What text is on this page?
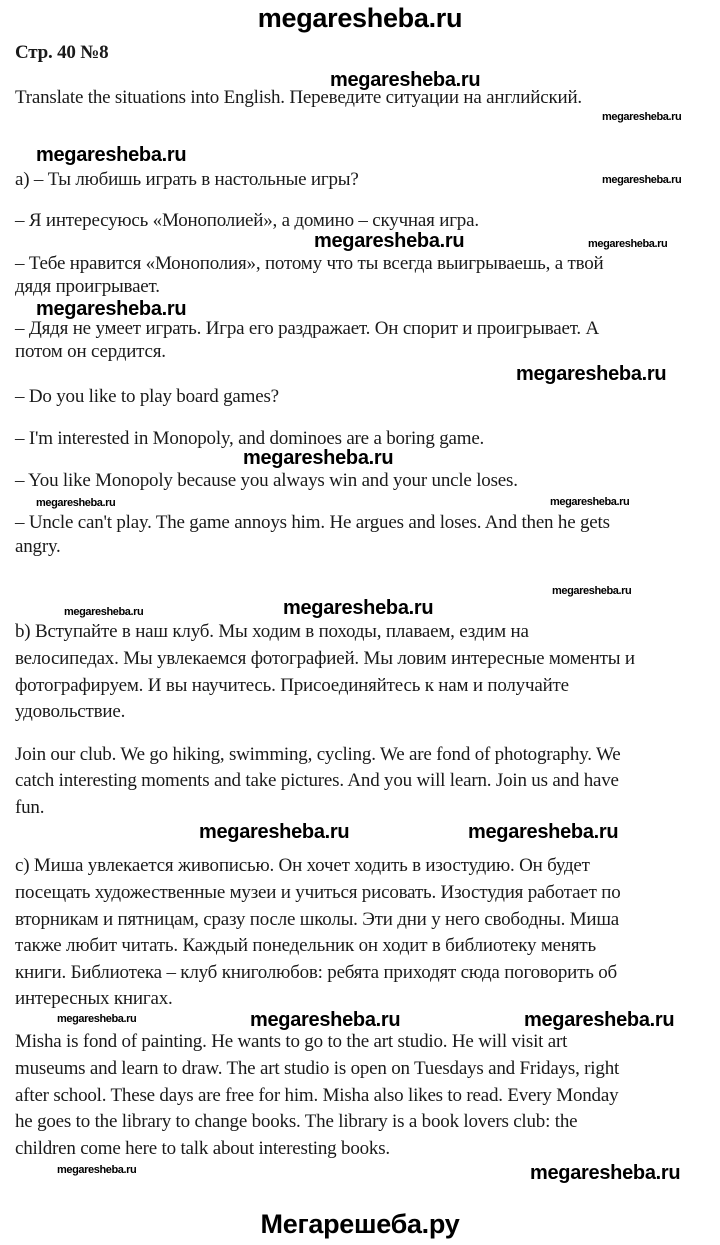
megaresheba.ru
Стр. 40 №8
Translate the situations into English. Переведите ситуации на английский.
а) – Ты любишь играть в настольные игры?
– Я интересуюсь «Монополией», а домино – скучная игра.
– Тебе нравится «Монополия», потому что ты всегда выигрываешь, а твой
дядя проигрывает.
– Дядя не умеет играть. Игра его раздражает. Он спорит и проигрывает. А
потом он сердится.
– Do you like to play board games?
– I'm interested in Monopoly, and dominoes are a boring game.
– You like Monopoly because you always win and your uncle loses.
– Uncle can't play. The game annoys him. He argues and loses. And then he gets
angry.
b) Вступайте в наш клуб. Мы ходим в походы, плаваем, ездим на
велосипедах. Мы увлекаемся фотографией. Мы ловим интересные моменты и
фотографируем. И вы научитесь. Присоединяйтесь к нам и получайте
удовольствие.
Join our club. We go hiking, swimming, cycling. We are fond of photography. We
catch interesting moments and take pictures. And you will learn. Join us and have
fun.
c) Миша увлекается живописью. Он хочет ходить в изостудию. Он будет
посещать художественные музеи и учиться рисовать. Изостудия работает по
вторникам и пятницам, сразу после школы. Эти дни у него свободны. Миша
также любит читать. Каждый понедельник он ходит в библиотеку менять
книги. Библиотека – клуб книголюбов: ребята приходят сюда поговорить об
интересных книгах.
Misha is fond of painting. He wants to go to the art studio. He will visit art
museums and learn to draw. The art studio is open on Tuesdays and Fridays, right
after school. These days are free for him. Misha also likes to read. Every Monday
he goes to the library to change books. The library is a book lovers club: the
children come here to talk about interesting books.
megaresheba.ru
megaresheba.ru
megaresheba.ru
megaresheba.ru
megaresheba.ru	megaresheba.ru
megaresheba.ru
megaresheba.ru
megaresheba.ru
megaresheba.ru	megaresheba.ru
megaresheba.ru
megaresheba.ru	megaresheba.ru
megaresheba.ru	megaresheba.ru
megaresheba.ru	megaresheba.ru	megaresheba.ru
megaresheba.ru	megaresheba.ru
Мегарешеба.ру
